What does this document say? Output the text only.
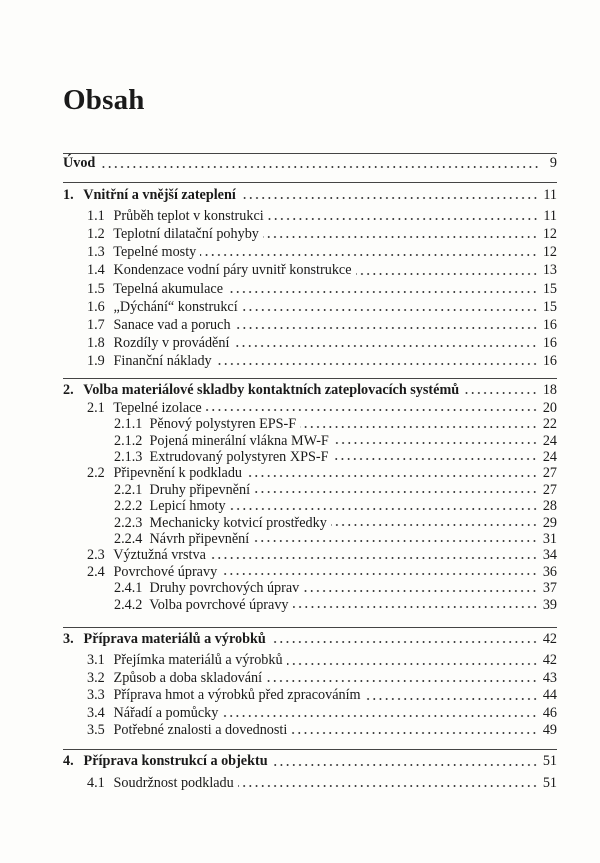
Obsah
Úvod	9
1. Vnitřní a vnější zateplení	11
1.1 Průběh teplot v konstrukci	11
1.2 Teplotní dilatační pohyby	12
1.3 Tepelné mosty	12
1.4 Kondenzace vodní páry uvnitř konstrukce	13
1.5 Tepelná akumulace	15
1.6 „Dýchání“ konstrukcí	15
1.7 Sanace vad a poruch	16
1.8 Rozdíly v provádění	16
1.9 Finanční náklady	16
2. Volba materiálové skladby kontaktních zateplovacích systémů	18
2.1 Tepelné izolace	20
2.1.1 Pěnový polystyren EPS-F	22
2.1.2 Pojená minerální vlákna MW-F	24
2.1.3 Extrudovaný polystyren XPS-F	24
2.2 Připevnění k podkladu	27
2.2.1 Druhy připevnění	27
2.2.2 Lepicí hmoty	28
2.2.3 Mechanicky kotvicí prostředky	29
2.2.4 Návrh připevnění	31
2.3 Výztužná vrstva	34
2.4 Povrchové úpravy	36
2.4.1 Druhy povrchových úprav	37
2.4.2 Volba povrchové úpravy	39
3. Příprava materiálů a výrobků	42
3.1 Přejímka materiálů a výrobků	42
3.2 Způsob a doba skladování	43
3.3 Příprava hmot a výrobků před zpracováním	44
3.4 Nářadí a pomůcky	46
3.5 Potřebné znalosti a dovednosti	49
4. Příprava konstrukcí a objektu	51
4.1 Soudržnost podkladu	51
